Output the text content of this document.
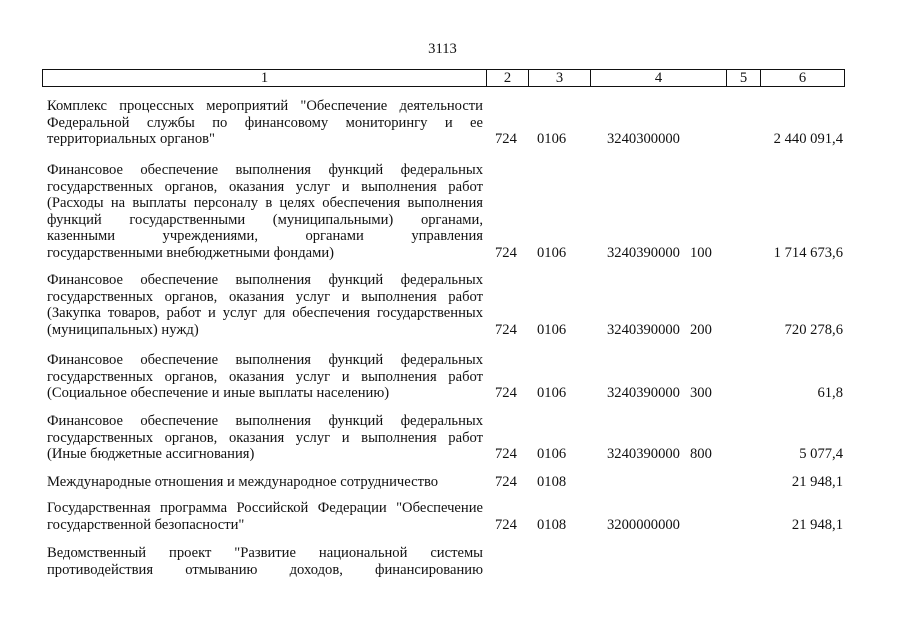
3113
1	2	3	4	5	6
Комплекс процессных мероприятий "Обеспечение деятельности
Федеральной службы по финансовому мониторингу и ее
территориальных органов"	724 0106	3240300000	2 440 091,4
Финансовое обеспечение выполнения функций федеральных
государственных органов, оказания услуг и выполнения работ
(Расходы на выплаты персоналу в целях обеспечения выполнения
функций государственными (муниципальными) органами,
казенными учреждениями, органами управления
государственными внебюджетными фондами)	724 0106	3240390000 100	1 714 673,6
Финансовое обеспечение выполнения функций федеральных
государственных органов, оказания услуг и выполнения работ
(Закупка товаров, работ и услуг для обеспечения государственных
(муниципальных) нужд)	724 0106	3240390000 200	720 278,6
Финансовое обеспечение выполнения функций федеральных
государственных органов, оказания услуг и выполнения работ
(Социальное обеспечение и иные выплаты населению)	724 0106	3240390000 300	61,8
Финансовое обеспечение выполнения функций федеральных
государственных органов, оказания услуг и выполнения работ
(Иные бюджетные ассигнования)	724 0106	3240390000 800	5 077,4
Международные отношения и международное сотрудничество	724 0108	21 948,1
Государственная программа Российской Федерации "Обеспечение
государственной безопасности"	724 0108	3200000000	21 948,1
Ведомственный проект "Развитие национальной системы
противодействия отмыванию доходов, финансированию
